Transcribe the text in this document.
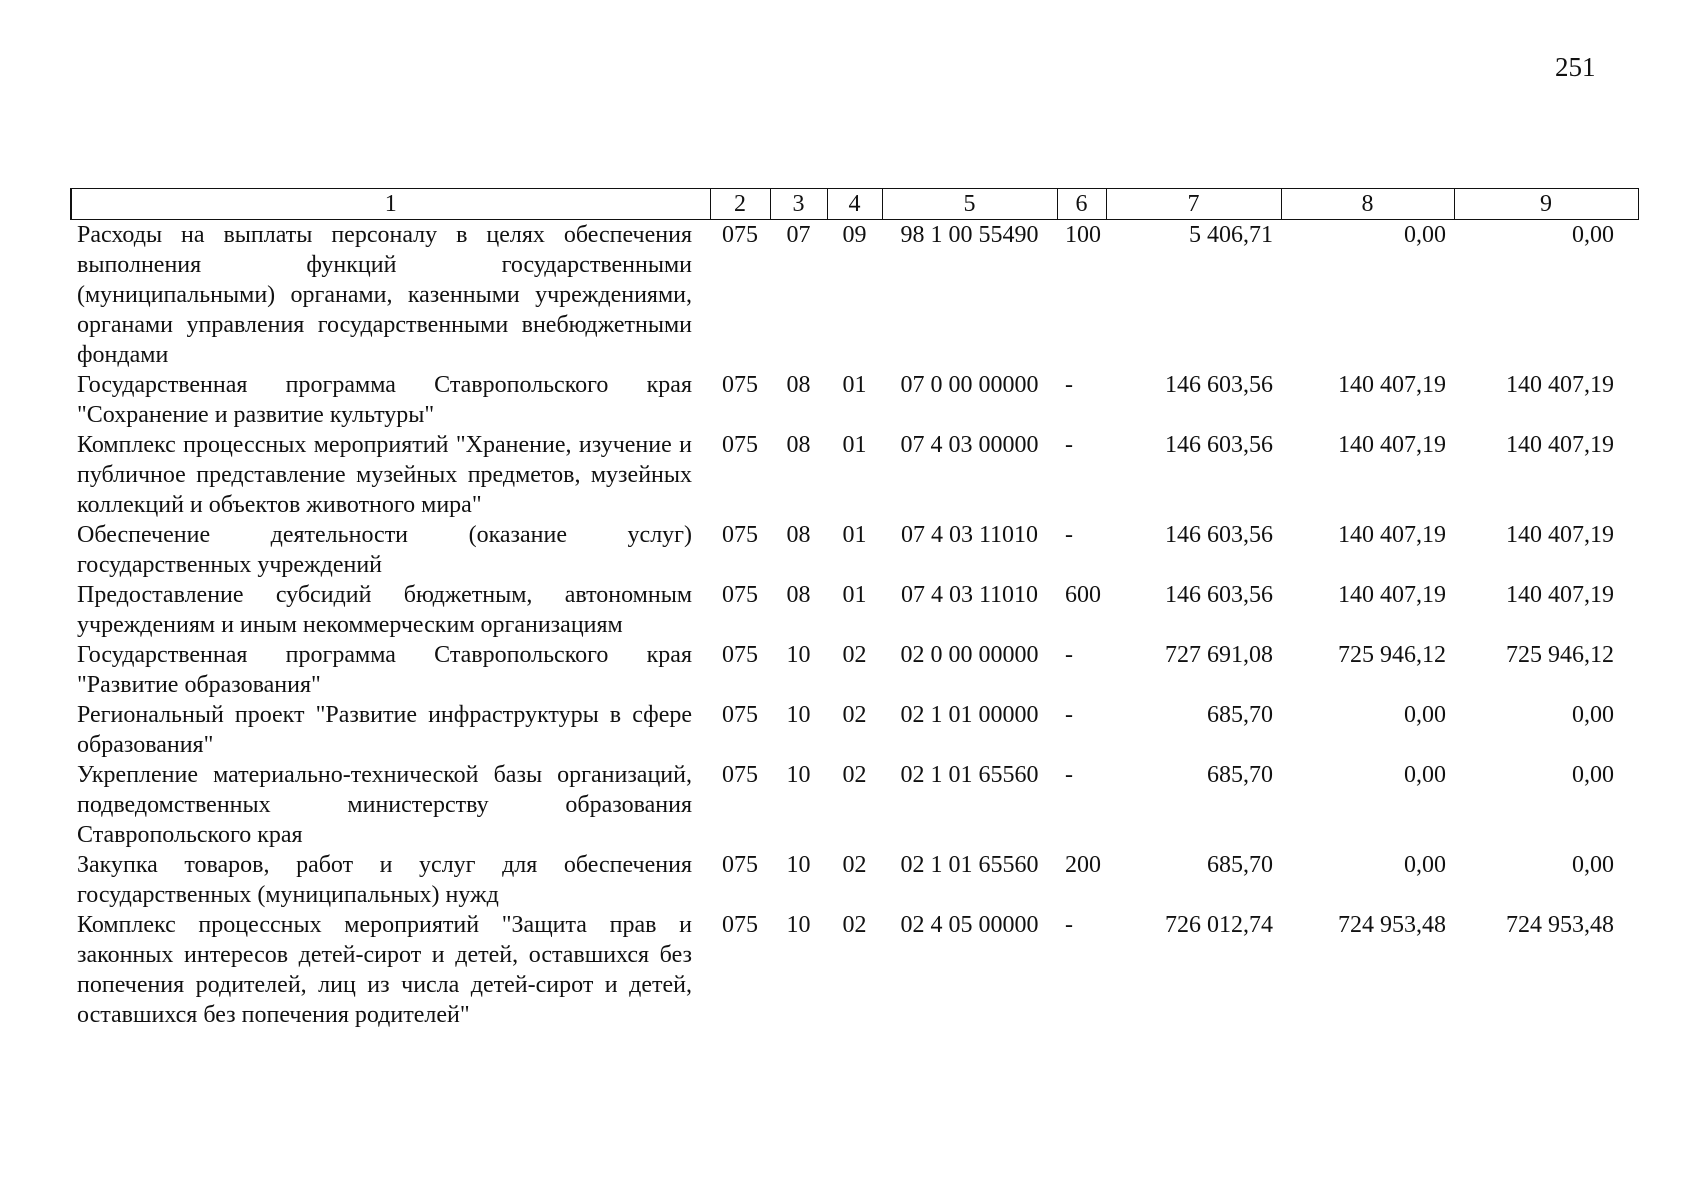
251
1	2	3	4	5	6	7	8	9
Расходы на выплаты персоналу в целях обеспечения выполнения функций государственными (муниципальными) органами, казенными учреждениями, органами управления государственными внебюджетными фондами	075	07	09	98 1 00 55490	100	5 406,71	0,00	0,00
Государственная программа Ставропольского края "Сохранение и развитие культуры"	075	08	01	07 0 00 00000	-	146 603,56	140 407,19	140 407,19
Комплекс процессных мероприятий "Хранение, изучение и публичное представление музейных предметов, музейных коллекций и объектов животного мира"	075	08	01	07 4 03 00000	-	146 603,56	140 407,19	140 407,19
Обеспечение деятельности (оказание услуг) государственных учреждений	075	08	01	07 4 03 11010	-	146 603,56	140 407,19	140 407,19
Предоставление субсидий бюджетным, автономным учреждениям и иным некоммерческим организациям	075	08	01	07 4 03 11010	600	146 603,56	140 407,19	140 407,19
Государственная программа Ставропольского края "Развитие образования"	075	10	02	02 0 00 00000	-	727 691,08	725 946,12	725 946,12
Региональный проект "Развитие инфраструктуры в сфере образования"	075	10	02	02 1 01 00000	-	685,70	0,00	0,00
Укрепление материально-технической базы организаций, подведомственных министерству образования Ставропольского края	075	10	02	02 1 01 65560	-	685,70	0,00	0,00
Закупка товаров, работ и услуг для обеспечения государственных (муниципальных) нужд	075	10	02	02 1 01 65560	200	685,70	0,00	0,00
Комплекс процессных мероприятий "Защита прав и законных интересов детей-сирот и детей, оставшихся без попечения родителей, лиц из числа детей-сирот и детей, оставшихся без попечения родителей"	075	10	02	02 4 05 00000	-	726 012,74	724 953,48	724 953,48
